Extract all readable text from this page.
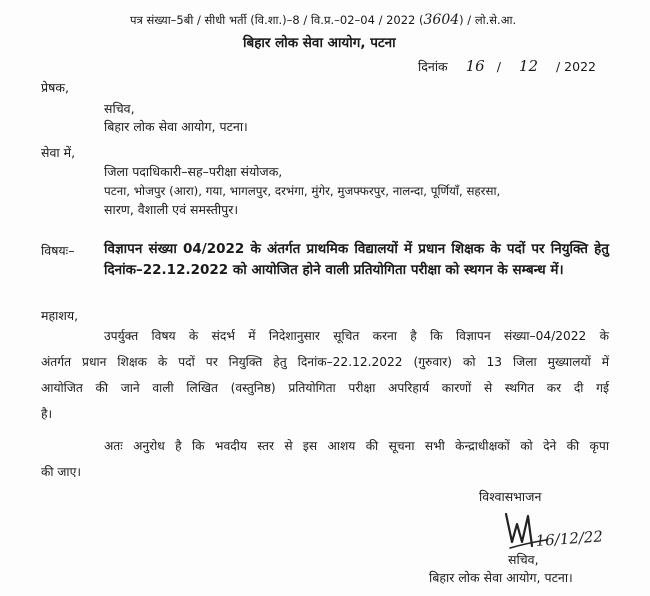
पत्र संख्या–5बी / सीधी भर्ती (वि.शा.)–8 / वि.प्र.–02–04 / 2022 (3604) / लो.से.आ.
बिहार लोक सेवा आयोग, पटना
दिनांक 16 / 12 / 2022
प्रेषक,
सचिव,
बिहार लोक सेवा आयोग, पटना।
सेवा में,
जिला पदाधिकारी–सह–परीक्षा संयोजक,
पटना, भोजपुर (आरा), गया, भागलपुर, दरभंगा, मुंगेर, मुजफ्फरपुर, नालन्दा, पूर्णियाँ, सहरसा,
सारण, वैशाली एवं समस्तीपुर।
विषयः– विज्ञापन संख्या 04/2022 के अंतर्गत प्राथमिक विद्यालयों में प्रधान शिक्षक के पदों पर नियुक्ति हेतु दिनांक–22.12.2022 को आयोजित होने वाली प्रतियोगिता परीक्षा को स्थगन के सम्बन्ध में।
महाशय,
उपर्युक्त विषय के संदर्भ में निदेशानुसार सूचित करना है कि विज्ञापन संख्या–04/2022 के
अंतर्गत प्रधान शिक्षक के पदों पर नियुक्ति हेतु दिनांक–22.12.2022 (गुरुवार) को 13 जिला मुख्यालयों में
आयोजित की जाने वाली लिखित (वस्तुनिष्ठ) प्रतियोगिता परीक्षा अपरिहार्य कारणों से स्थगित कर दी गई
है।
अतः अनुरोध है कि भवदीय स्तर से इस आशय की सूचना सभी केन्द्राधीक्षकों को देने की कृपा
की जाए।
विश्वासभाजन
16/12/22
सचिव,
बिहार लोक सेवा आयोग, पटना।
